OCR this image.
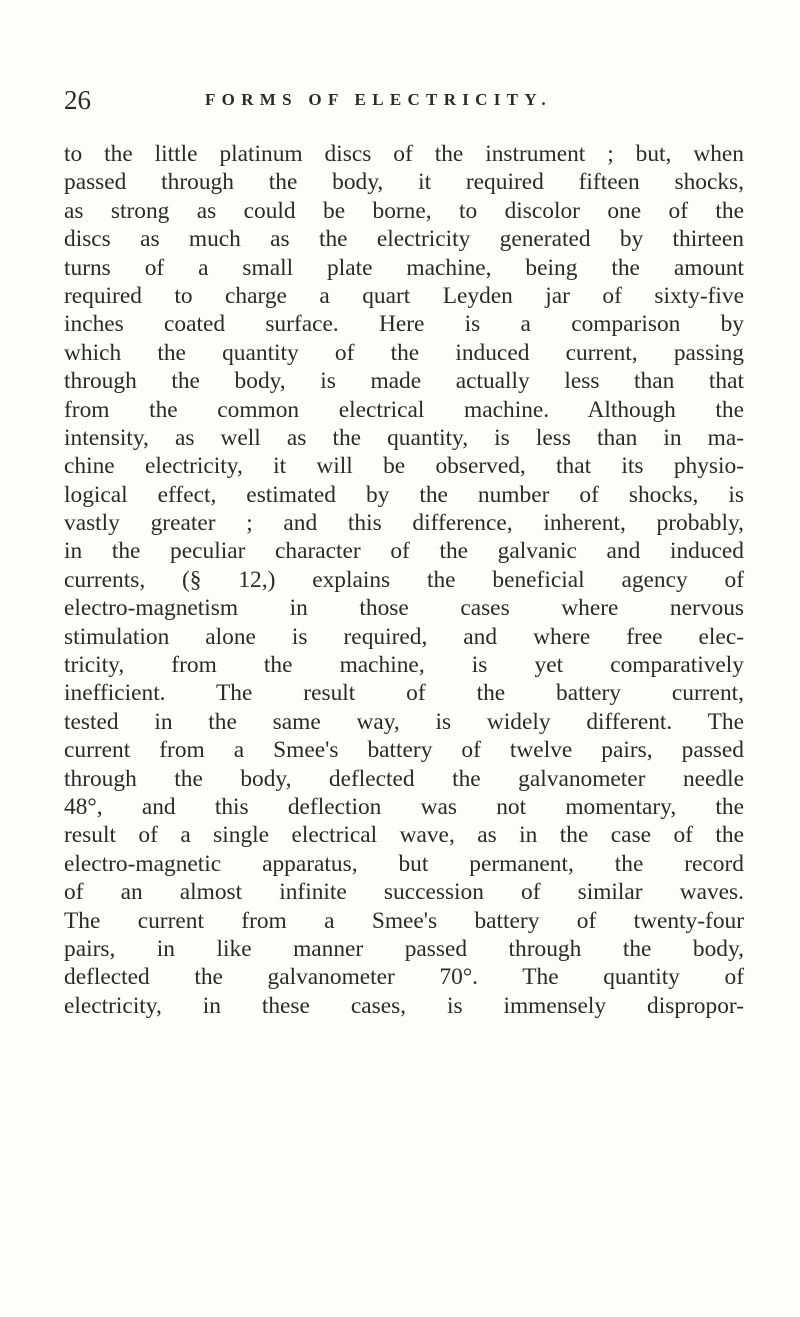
26	FORMS OF ELECTRICITY.
to the little platinum discs of the instrument ; but, when
passed through the body, it required fifteen shocks,
as strong as could be borne, to discolor one of the
discs as much as the electricity generated by thirteen
turns of a small plate machine, being the amount
required to charge a quart Leyden jar of sixty-five
inches coated surface. Here is a comparison by
which the quantity of the induced current, passing
through the body, is made actually less than that
from the common electrical machine. Although the
intensity, as well as the quantity, is less than in ma-
chine electricity, it will be observed, that its physio-
logical effect, estimated by the number of shocks, is
vastly greater ; and this difference, inherent, probably,
in the peculiar character of the galvanic and induced
currents, (§ 12,) explains the beneficial agency of
electro-magnetism in those cases where nervous
stimulation alone is required, and where free elec-
tricity, from the machine, is yet comparatively
inefficient. The result of the battery current,
tested in the same way, is widely different. The
current from a Smee's battery of twelve pairs, passed
through the body, deflected the galvanometer needle
48°, and this deflection was not momentary, the
result of a single electrical wave, as in the case of the
electro-magnetic apparatus, but permanent, the record
of an almost infinite succession of similar waves.
The current from a Smee's battery of twenty-four
pairs, in like manner passed through the body,
deflected the galvanometer 70°. The quantity of
electricity, in these cases, is immensely dispropor-
